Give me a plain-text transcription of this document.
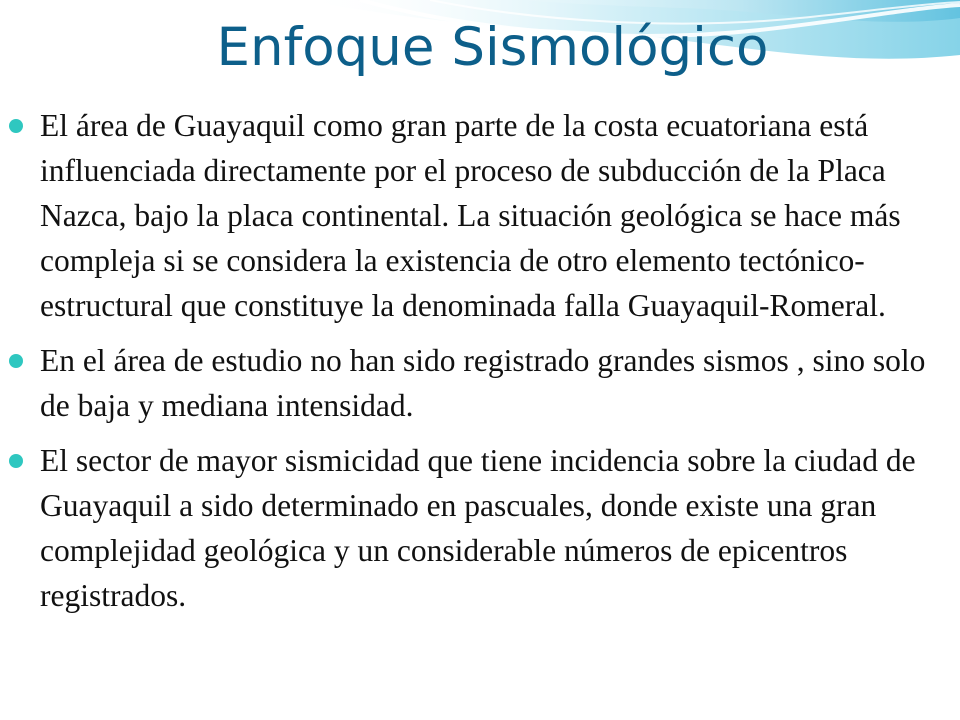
Enfoque Sismológico
El área de Guayaquil como gran parte de la costa ecuatoriana está influenciada directamente por el proceso de subducción de la Placa Nazca, bajo la placa continental. La situación geológica se hace más compleja si se considera la existencia de otro elemento tectónico-estructural que constituye la denominada falla Guayaquil-Romeral.
En el área de estudio no han sido registrado grandes sismos , sino solo de baja y mediana intensidad.
El sector de mayor sismicidad que tiene incidencia sobre la ciudad de Guayaquil a sido determinado en pascuales, donde existe una gran complejidad geológica y un considerable números de epicentros registrados.
